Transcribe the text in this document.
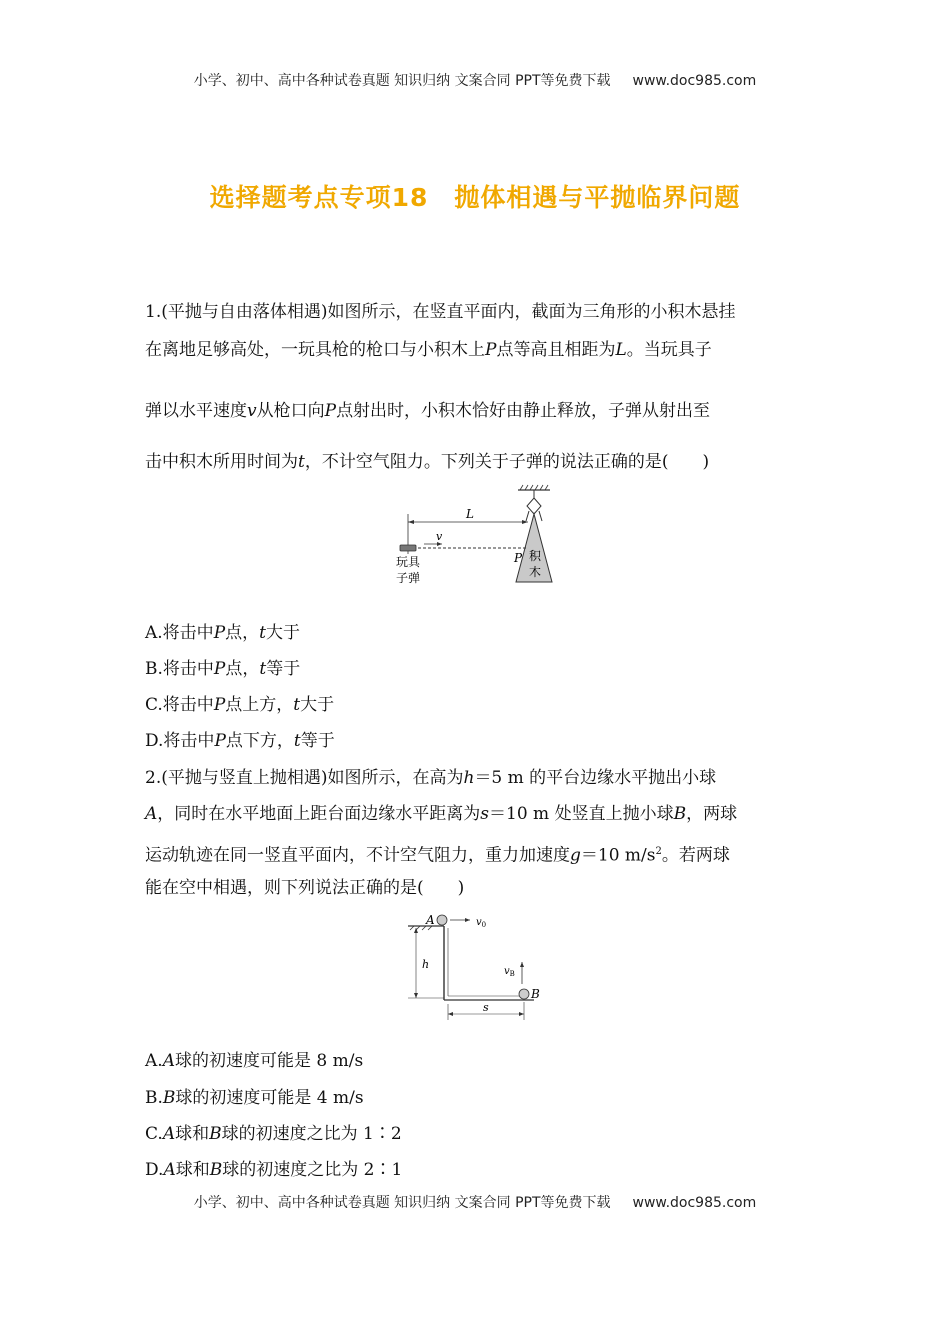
小学、初中、高中各种试卷真题 知识归纳 文案合同 PPT等免费下载 www.doc985.com
选择题考点专项18　抛体相遇与平抛临界问题
1.(平抛与自由落体相遇)如图所示，在竖直平面内，截面为三角形的小积木悬挂
在离地足够高处，一玩具枪的枪口与小积木上P点等高且相距为L。当玩具子
弹以水平速度v从枪口向P点射出时，小积木恰好由静止释放，子弹从射出至
击中积木所用时间为t，不计空气阻力。下列关于子弹的说法正确的是(　　)
L
v
玩具
子弹
P 积
木
A.将击中P点，t大于
B.将击中P点，t等于
C.将击中P点上方，t大于
D.将击中P点下方，t等于
2.(平抛与竖直上抛相遇)如图所示，在高为h＝5 m 的平台边缘水平抛出小球
A，同时在水平地面上距台面边缘水平距离为s＝10 m 处竖直上抛小球B，两球
运动轨迹在同一竖直平面内，不计空气阻力，重力加速度g＝10 $m/s^2$。若两球
能在空中相遇，则下列说法正确的是(　　)
A	$v_0$
h
B
$v_B$
s
A.A球的初速度可能是 8 m/s
B.B球的初速度可能是 4 m/s
C.A球和B球的初速度之比为 1∶2
D.A球和B球的初速度之比为 2∶1
小学、初中、高中各种试卷真题 知识归纳 文案合同 PPT等免费下载 www.doc985.com
